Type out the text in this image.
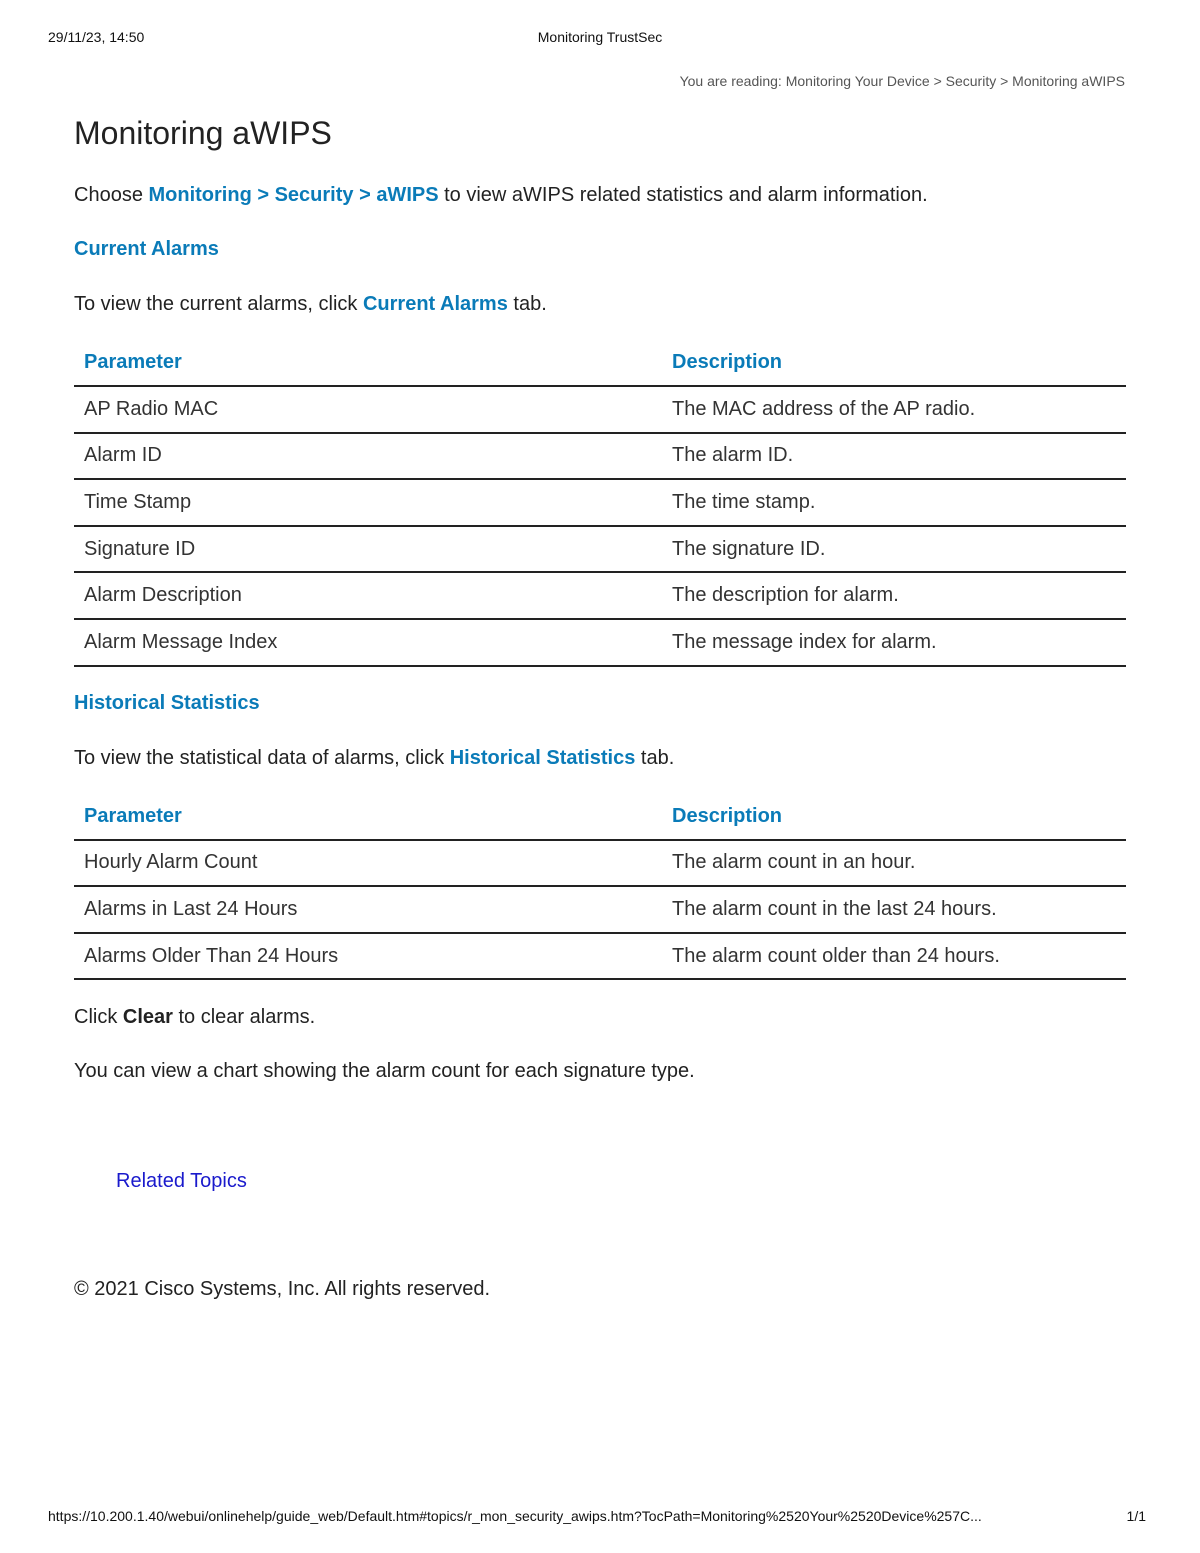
29/11/23, 14:50	Monitoring TrustSec
You are reading: Monitoring Your Device > Security > Monitoring aWIPS
Monitoring aWIPS

Choose Monitoring > Security > aWIPS to view aWIPS related statistics and alarm information.

Current Alarms

To view the current alarms, click Current Alarms tab.

Parameter	Description
AP Radio MAC	The MAC address of the AP radio.
Alarm ID	The alarm ID.
Time Stamp	The time stamp.
Signature ID	The signature ID.
Alarm Description	The description for alarm.
Alarm Message Index	The message index for alarm.
Historical Statistics

To view the statistical data of alarms, click Historical Statistics tab.

Parameter	Description
Hourly Alarm Count	The alarm count in an hour.
Alarms in Last 24 Hours	The alarm count in the last 24 hours.
Alarms Older Than 24 Hours	The alarm count older than 24 hours.

Click Clear to clear alarms.

You can view a chart showing the alarm count for each signature type.

Related Topics
© 2021 Cisco Systems, Inc. All rights reserved.
https://10.200.1.40/webui/onlinehelp/guide_web/Default.htm#topics/r_mon_security_awips.htm?TocPath=Monitoring%2520Your%2520Device%257C...	1/1
